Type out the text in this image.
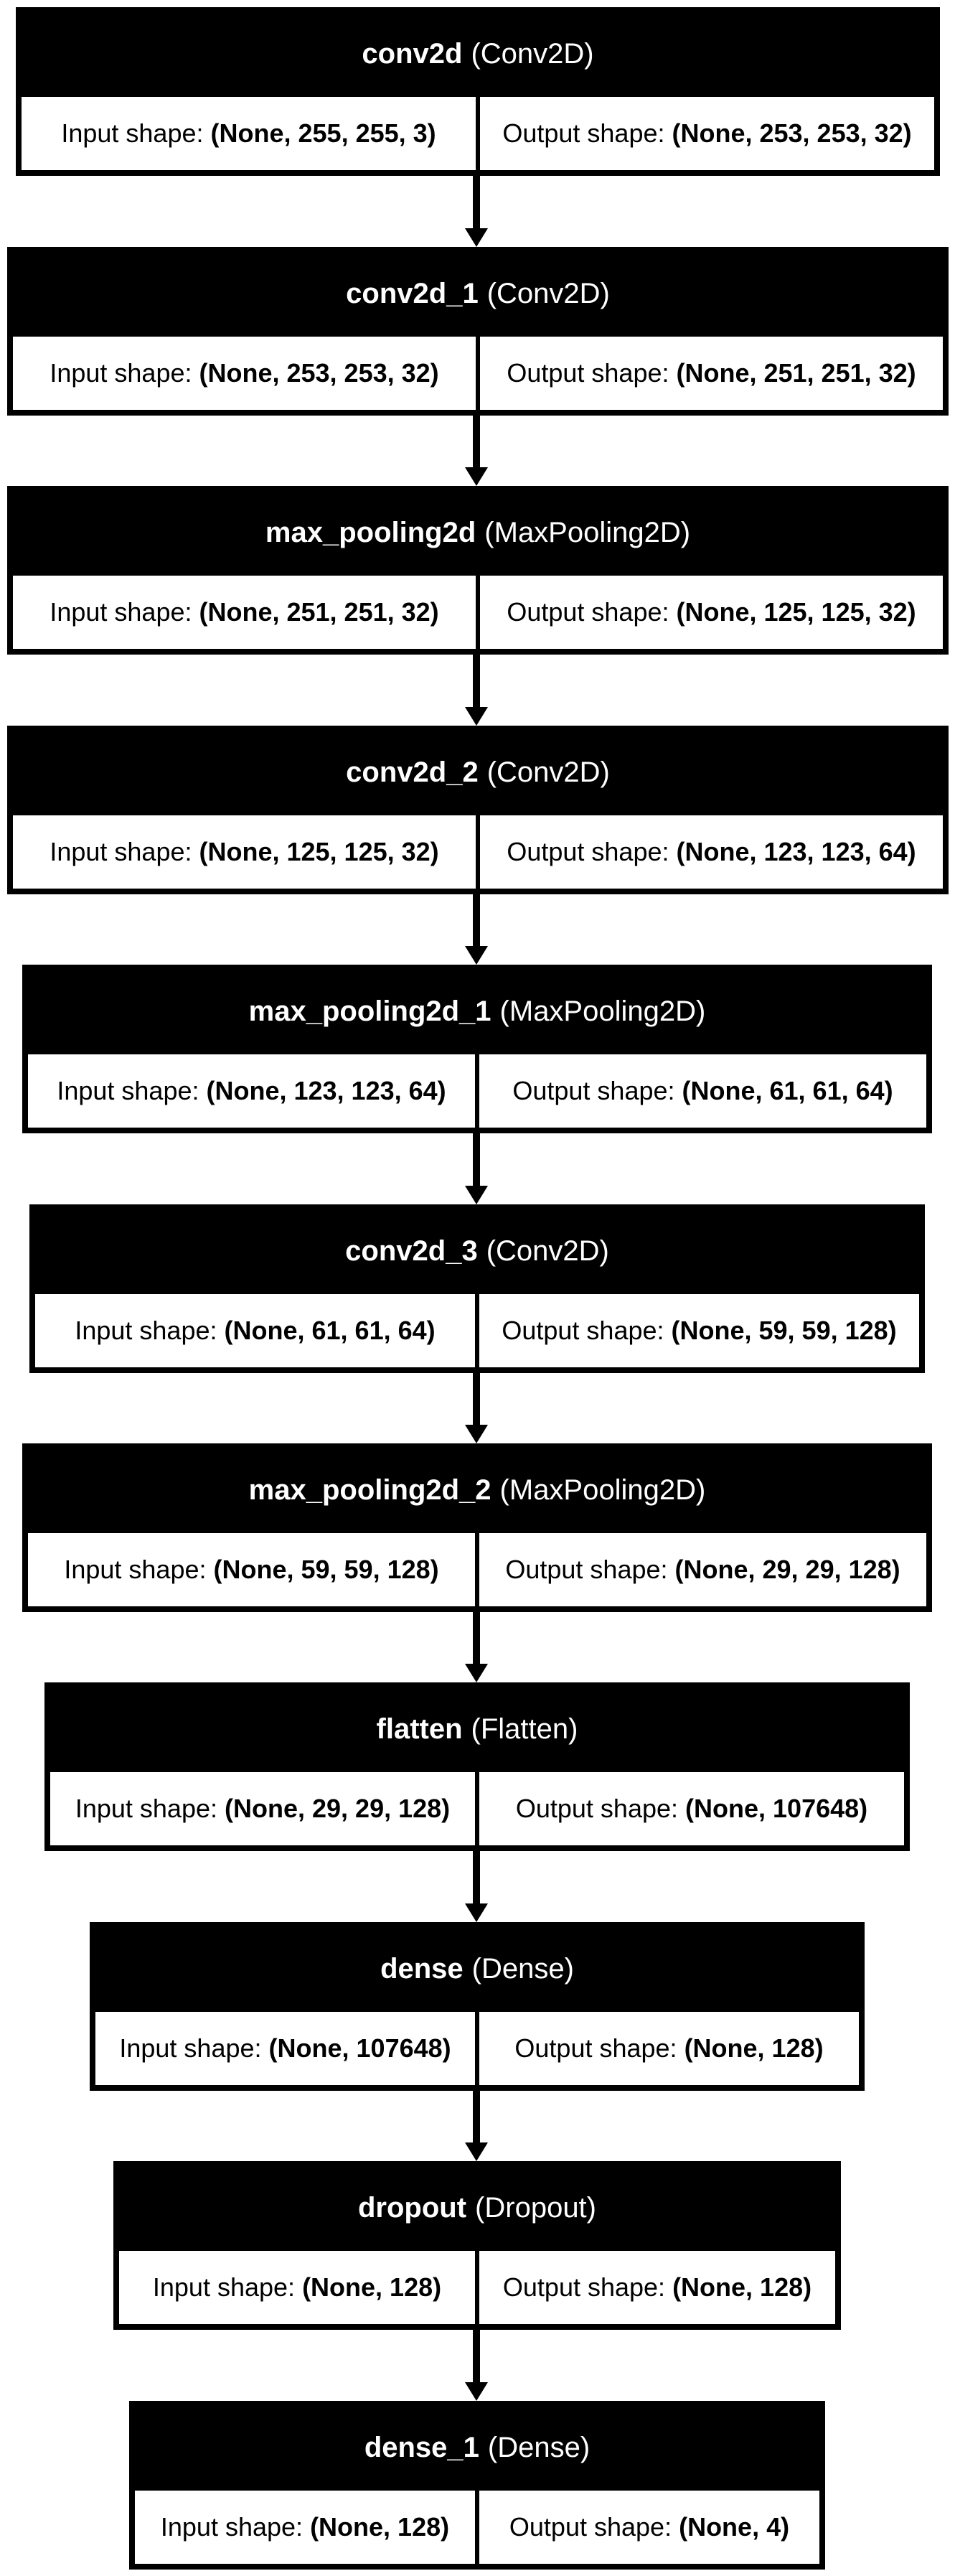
conv2d (Conv2D)
Input shape: (None, 255, 255, 3)	Output shape: (None, 253, 253, 32)
conv2d_1 (Conv2D)
Input shape: (None, 253, 253, 32)	Output shape: (None, 251, 251, 32)
max_pooling2d (MaxPooling2D)
Input shape: (None, 251, 251, 32)	Output shape: (None, 125, 125, 32)
conv2d_2 (Conv2D)
Input shape: (None, 125, 125, 32)	Output shape: (None, 123, 123, 64)
max_pooling2d_1 (MaxPooling2D)
Input shape: (None, 123, 123, 64)	Output shape: (None, 61, 61, 64)
conv2d_3 (Conv2D)
Input shape: (None, 61, 61, 64)	Output shape: (None, 59, 59, 128)
max_pooling2d_2 (MaxPooling2D)
Input shape: (None, 59, 59, 128)	Output shape: (None, 29, 29, 128)
flatten (Flatten)
Input shape: (None, 29, 29, 128)	Output shape: (None, 107648)
dense (Dense)
Input shape: (None, 107648) Output shape: (None, 128)
dropout (Dropout)
Input shape: (None, 128) Output shape: (None, 128)
dense_1 (Dense)
Input shape: (None, 128) Output shape: (None, 4)
